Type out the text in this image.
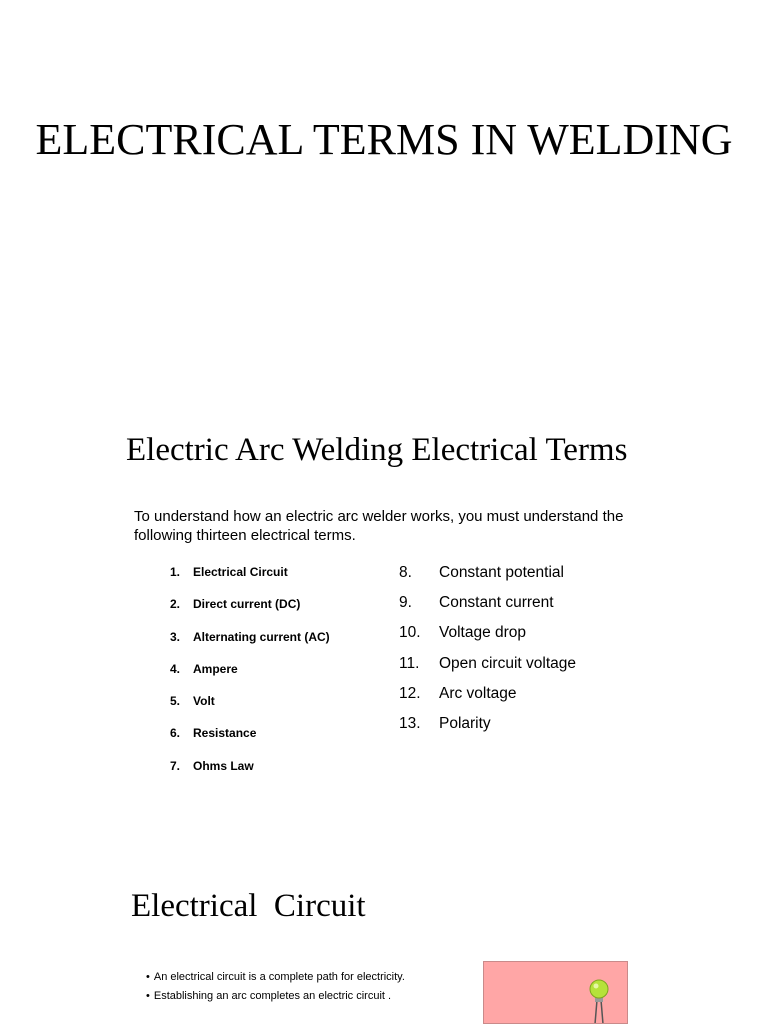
ELECTRICAL TERMS IN WELDING
Electric Arc Welding Electrical Terms

To understand how an electric arc welder works, you must understand the following thirteen electrical terms.

1. Electrical Circuit
2. Direct current (DC)
3. Alternating current (AC)
4. Ampere
5. Volt
6. Resistance
7. Ohms Law
8.	Constant potential
9.	Constant current
10.	Voltage drop
11.	Open circuit voltage
12.	Arc voltage
13.	Polarity
Electrical  Circuit
• An electrical circuit is a complete path for electricity.
• Establishing an arc completes an electric circuit .
